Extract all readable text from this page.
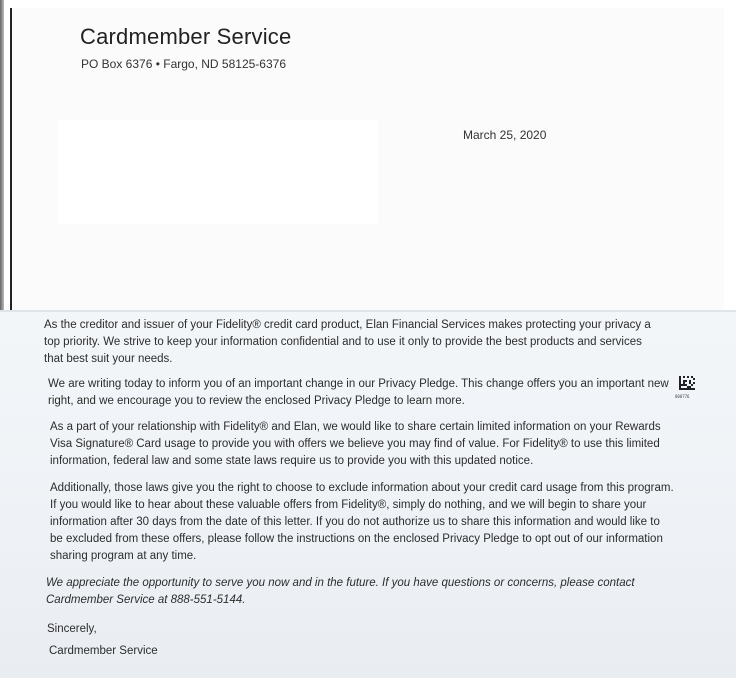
Cardmember Service
PO Box 6376 • Fargo, ND 58125-6376
March 25, 2020

As the creditor and issuer of your Fidelity® credit card product, Elan Financial Services makes protecting your privacy a top priority. We strive to keep your information confidential and to use it only to provide the best products and services that best suit your needs.

We are writing today to inform you of an important change in our Privacy Pledge. This change offers you an important new right, and we encourage you to review the enclosed Privacy Pledge to learn more.

As a part of your relationship with Fidelity® and Elan, we would like to share certain limited information on your Rewards Visa Signature® Card usage to provide you with offers we believe you may find of value. For Fidelity® to use this limited information, federal law and some state laws require us to provide you with this updated notice.

Additionally, those laws give you the right to choose to exclude information about your credit card usage from this program. If you would like to hear about these valuable offers from Fidelity®, simply do nothing, and we will begin to share your information after 30 days from the date of this letter. If you do not authorize us to share this information and would like to be excluded from these offers, please follow the instructions on the enclosed Privacy Pledge to opt out of our information sharing program at any time.

We appreciate the opportunity to serve you now and in the future. If you have questions or concerns, please contact Cardmember Service at 888-551-5144.

Sincerely,
Cardmember Service
808776
